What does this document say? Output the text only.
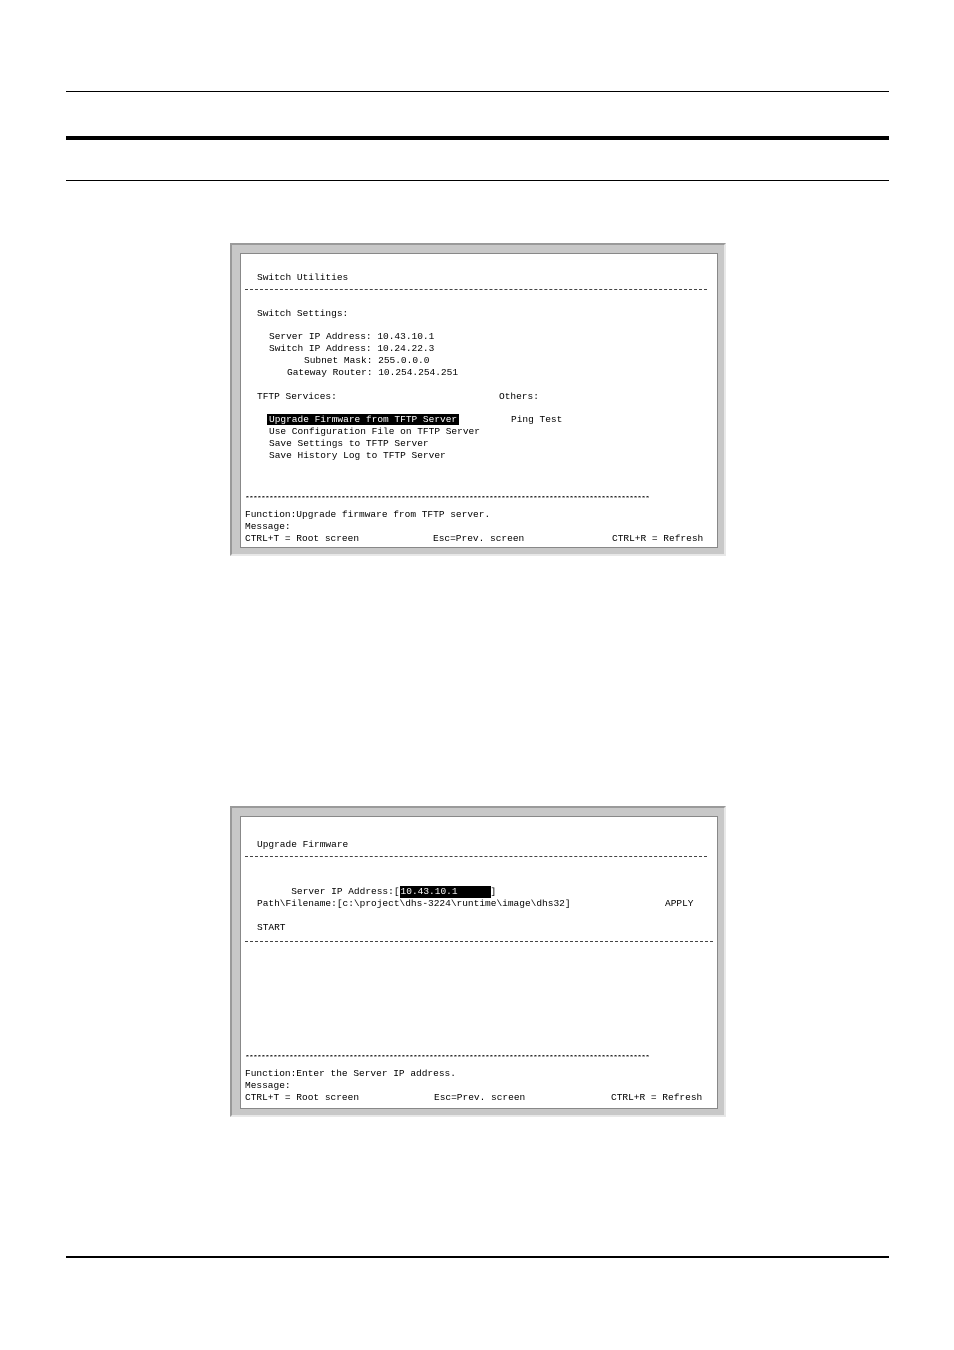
Switch Utilities
Switch Settings:
Server IP Address: 10.43.10.1
Switch IP Address: 10.24.22.3
Subnet Mask: 255.0.0.0
Gateway Router: 10.254.254.251
TFTP Services:	Others:
Upgrade Firmware from TFTP Server
Use Configuration File on TFTP Server
Save Settings to TFTP Server
Save History Log to TFTP Server
Ping Test
*****************************************************************************************************
Function:Upgrade firmware from TFTP server.
Message:
CTRL+T = Root screen	Esc=Prev. screen	CTRL+R = Refresh
Upgrade Firmware

Server IP Address:[10.43.10.1	]

Path\Filename:[c:\project\dhs-3224\runtime\image\dhs32]	APPLY
START
*****************************************************************************************************
Function:Enter the Server IP address.
Message:
CTRL+T = Root screen	Esc=Prev. screen	CTRL+R = Refresh
